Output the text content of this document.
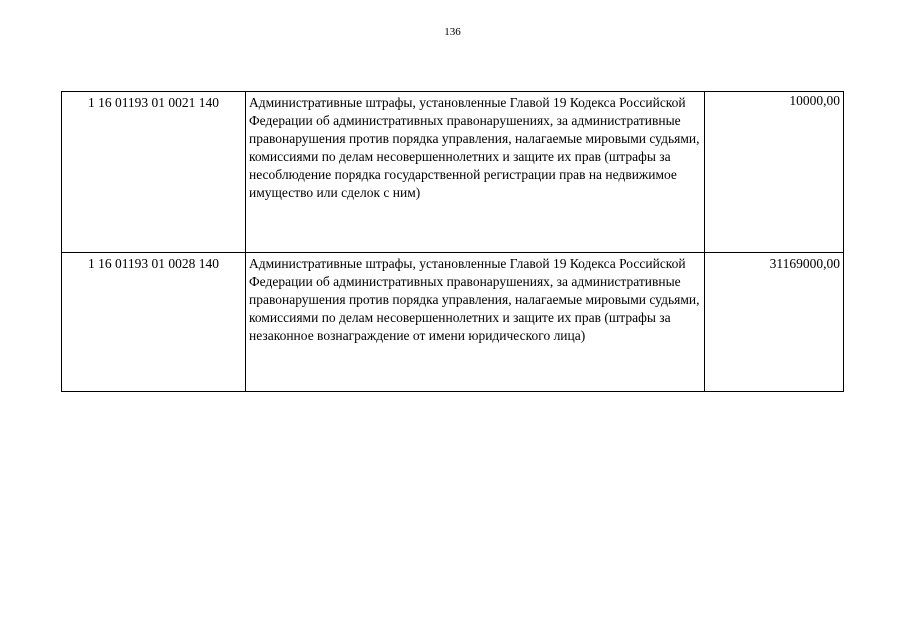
136
1 16 01193 01 0021 140	Административные штрафы, установленные Главой 19 Кодекса Российской Федерации об административных правонарушениях, за административные правонарушения против порядка управления, налагаемые мировыми судьями, комиссиями по делам несовершеннолетних и защите их прав (штрафы за несоблюдение порядка государственной регистрации прав на недвижимое имущество или сделок с ним)	10000,00
1 16 01193 01 0028 140	Административные штрафы, установленные Главой 19 Кодекса Российской Федерации об административных правонарушениях, за административные правонарушения против порядка управления, налагаемые мировыми судьями, комиссиями по делам несовершеннолетних и защите их прав (штрафы за незаконное вознаграждение от имени юридического лица)	31169000,00
